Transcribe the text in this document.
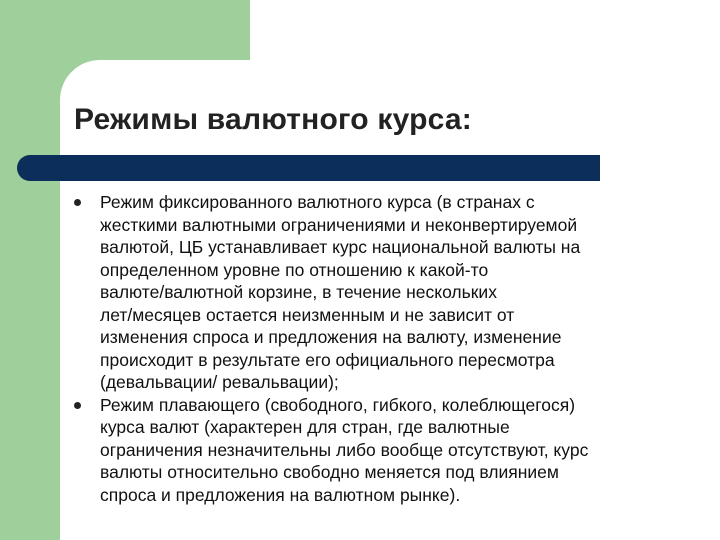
Режимы валютного курса:
Режим фиксированного валютного курса (в странах с
жесткими валютными ограничениями и неконвертируемой
валютой, ЦБ устанавливает курс национальной валюты на
определенном уровне по отношению к какой-то
валюте/валютной корзине, в течение нескольких
лет/месяцев остается неизменным и не зависит от
изменения спроса и предложения на валюту, изменение
происходит в результате его официального пересмотра
(девальвации/ ревальвации);
Режим плавающего (свободного, гибкого, колеблющегося)
курса валют (характерен для стран, где валютные
ограничения незначительны либо вообще отсутствуют, курс
валюты относительно свободно меняется под влиянием
спроса и предложения на валютном рынке).
